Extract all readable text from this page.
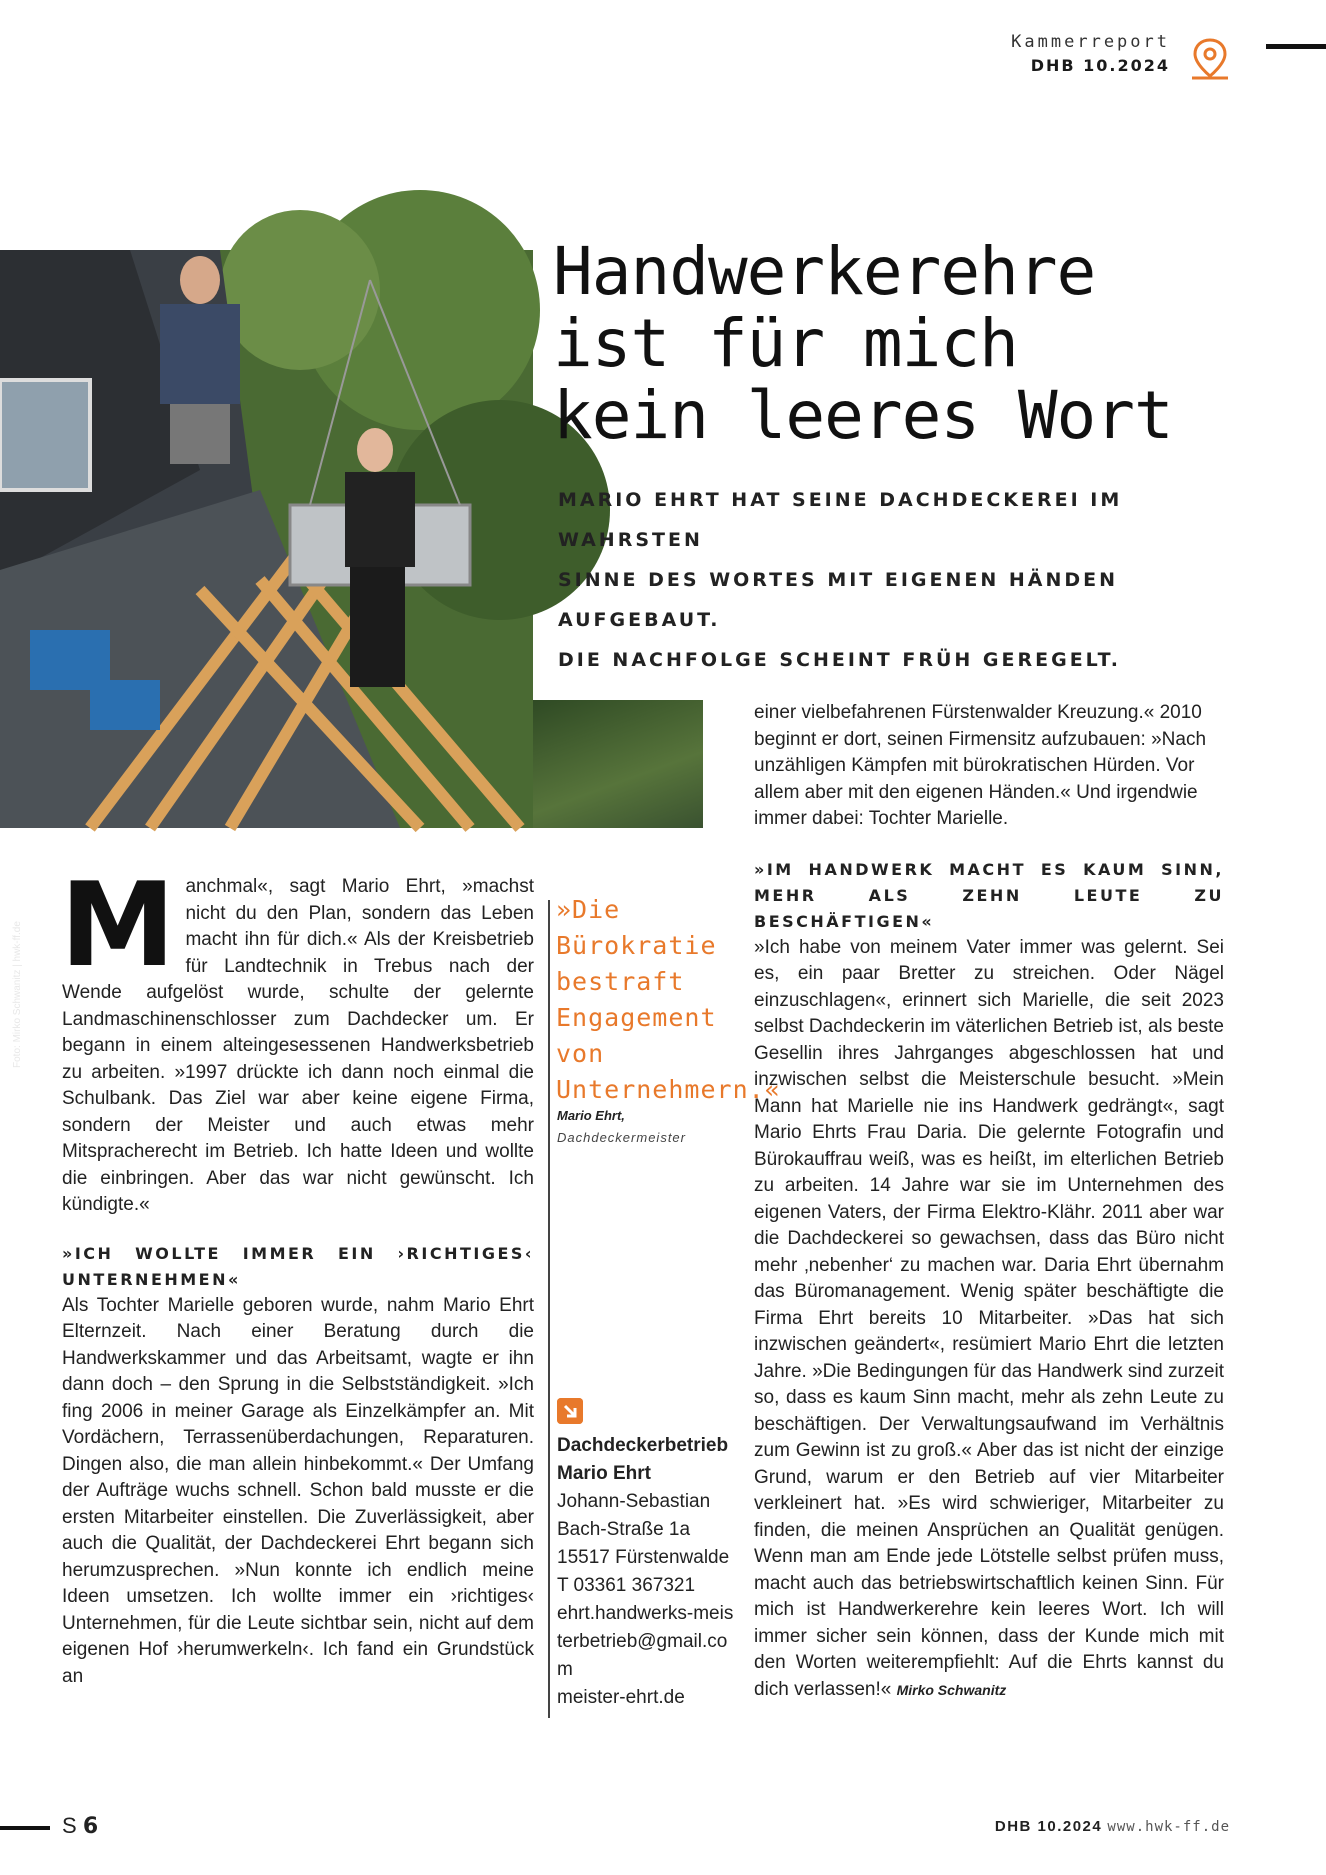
Kammerreport
DHB 10.2024
Foto: Mirko Schwanitz | hwk-ff.de
Handwerkerehre
ist für mich
kein leeres Wort
MARIO EHRT HAT SEINE DACHDECKEREI IM WAHRSTEN
SINNE DES WORTES MIT EIGENEN HÄNDEN AUFGEBAUT.
DIE NACHFOLGE SCHEINT FRÜH GEREGELT.

Manchmal«, sagt Mario Ehrt, »machst nicht du den Plan, sondern das Leben macht ihn für dich.« Als der Kreisbetrieb für Landtechnik in Trebus nach der Wende aufgelöst wurde, schulte der gelernte Landmaschinenschlosser zum Dachdecker um. Er begann in einem alteingesessenen Handwerksbetrieb zu arbeiten. »1997 drückte ich dann noch einmal die Schulbank. Das Ziel war aber keine eigene Firma, sondern der Meister und auch etwas mehr Mitspracherecht im Betrieb. Ich hatte Ideen und wollte die einbringen. Aber das war nicht gewünscht. Ich kündigte.«

»ICH WOLLTE IMMER EIN ›RICHTIGES‹ UNTERNEHMEN«

Als Tochter Marielle geboren wurde, nahm Mario Ehrt Elternzeit. Nach einer Beratung durch die Handwerkskammer und das Arbeitsamt, wagte er ihn dann doch – den Sprung in die Selbstständigkeit. »Ich fing 2006 in meiner Garage als Einzelkämpfer an. Mit Vordächern, Terrassenüberdachungen, Reparaturen. Dingen also, die man allein hinbekommt.« Der Umfang der Aufträge wuchs schnell. Schon bald musste er die ersten Mitarbeiter einstellen. Die Zuverlässigkeit, aber auch die Qualität, der Dachdeckerei Ehrt begann sich herumzusprechen. »Nun konnte ich endlich meine Ideen umsetzen. Ich wollte immer ein ›richtiges‹ Unternehmen, für die Leute sichtbar sein, nicht auf dem eigenen Hof ›herumwerkeln‹. Ich fand ein Grundstück an

»Die Bürokratie bestraft Engagement von Unternehmern.«
Mario Ehrt,
Dachdeckermeister
Dachdeckerbetrieb Mario Ehrt
Johann-Sebastian Bach-Straße 1a
15517 Fürstenwalde
T 03361 367321
ehrt.handwerks-meisterbetrieb@gmail.com
meister-ehrt.de

einer vielbefahrenen Fürstenwalder Kreuzung.« 2010 beginnt er dort, seinen Firmensitz aufzubauen: »Nach unzähligen Kämpfen mit bürokratischen Hürden. Vor allem aber mit den eigenen Händen.« Und irgendwie immer dabei: Tochter Marielle.

»IM HANDWERK MACHT ES KAUM SINN, MEHR ALS ZEHN LEUTE ZU BESCHÄFTIGEN«

»Ich habe von meinem Vater immer was gelernt. Sei es, ein paar Bretter zu streichen. Oder Nägel einzuschlagen«, erinnert sich Marielle, die seit 2023 selbst Dachdeckerin im väterlichen Betrieb ist, als beste Gesellin ihres Jahrganges abgeschlossen hat und inzwischen selbst die Meisterschule besucht. »Mein Mann hat Marielle nie ins Handwerk gedrängt«, sagt Mario Ehrts Frau Daria. Die gelernte Fotografin und Bürokauffrau weiß, was es heißt, im elterlichen Betrieb zu arbeiten. 14 Jahre war sie im Unternehmen des eigenen Vaters, der Firma Elektro-Klähr. 2011 aber war die Dachdeckerei so gewachsen, dass das Büro nicht mehr ‚nebenher‘ zu machen war. Daria Ehrt übernahm das Büromanagement. Wenig später beschäftigte die Firma Ehrt bereits 10 Mitarbeiter. »Das hat sich inzwischen geändert«, resümiert Mario Ehrt die letzten Jahre. »Die Bedingungen für das Handwerk sind zurzeit so, dass es kaum Sinn macht, mehr als zehn Leute zu beschäftigen. Der Verwaltungsaufwand im Verhältnis zum Gewinn ist zu groß.« Aber das ist nicht der einzige Grund, warum er den Betrieb auf vier Mitarbeiter verkleinert hat. »Es wird schwieriger, Mitarbeiter zu finden, die meinen Ansprüchen an Qualität genügen. Wenn man am Ende jede Lötstelle selbst prüfen muss, macht auch das betriebswirtschaftlich keinen Sinn. Für mich ist Handwerkerehre kein leeres Wort. Ich will immer sicher sein können, dass der Kunde mich mit den Worten weiterempfiehlt: Auf die Ehrts kannst du dich verlassen!« Mirko Schwanitz

S 6	DHB 10.2024 www.hwk-ff.de
